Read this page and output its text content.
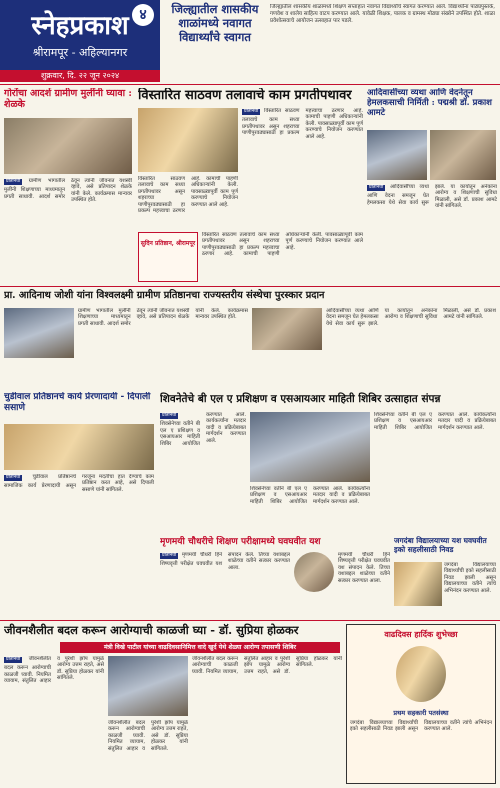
४
स्नेहप्रकाश
श्रीरामपूर - अहिल्यानगर
शुक्रवार, दि. २२ जून २०२४
जिल्ह्यातील शासकीय शाळांमध्ये नवागत विद्यार्थ्यांचे स्वागत
जिल्ह्यातील शासकीय शाळांमध्ये शिक्षण सप्ताहात नवागत विद्यार्थ्यांचे स्वागत करण्यात आले. विद्यार्थ्यांना पाठ्यपुस्तके, गणवेश व शालेय साहित्य वाटप करण्यात आले. यावेळी शिक्षक, पालक व ग्रामस्थ मोठ्या संख्येने उपस्थित होते. शाळा प्रवेशोत्सवाचे आयोजन उत्साहात पार पडले.
गोरोंचा आदर्श ग्रामीण मुलींनी घ्यावा : शेळके
प्रतिनिधी ग्रामीण भागातील मुलींनी शिक्षणाच्या माध्यमातून प्रगती साधावी. आदर्श समोर ठेवून त्यांनी जीवनात यशस्वी व्हावे, असे प्रतिपादन शेळके यांनी केले. कार्यक्रमास मान्यवर उपस्थित होते.
विस्तारित साठवण तलावाचे काम प्रगतीपथावर
प्रतिनिधी विस्तारित साठवण तलावाचे काम सध्या प्रगतीपथावर असून शहराच्या पाणीपुरवठ्यासाठी हा प्रकल्प महत्त्वाचा ठरणार आहे. कामाची पाहणी अधिकाऱ्यांनी केली. पावसाळ्यापूर्वी काम पूर्ण करण्याचे नियोजन करण्यात आले आहे.
विस्तारित साठवण तलावाचे काम सध्या प्रगतीपथावर असून शहराच्या पाणीपुरवठ्यासाठी हा प्रकल्प महत्त्वाचा ठरणार आहे. कामाची पाहणी अधिकाऱ्यांनी केली. पावसाळ्यापूर्वी काम पूर्ण करण्याचे नियोजन करण्यात आले आहे.
सुदिन प्रतिष्ठान, श्रीरामपूर
विस्तारित साठवण तलावाचे काम सध्या प्रगतीपथावर असून शहराच्या पाणीपुरवठ्यासाठी हा प्रकल्प महत्त्वाचा ठरणार आहे. कामाची पाहणी अधिकाऱ्यांनी केली. पावसाळ्यापूर्वी काम पूर्ण करण्याचे नियोजन करण्यात आले आहे.
आदिवासींच्या व्यथा आणि वेदनेतून हेमलकसाची निर्मिती : पद्मश्री डॉ. प्रकाश आमटे
प्रतिनिधी आदिवासींच्या व्यथा आणि वेदना समजून घेत हेमलकसा येथे सेवा कार्य सुरू झाले. या कार्यातून अनेकांना आरोग्य व शिक्षणाची सुविधा मिळाली, असे डॉ. प्रकाश आमटे यांनी सांगितले.
प्रा. आदिनाथ जोशी यांना विश्वलक्ष्मी ग्रामीण प्रतिष्ठानचा राज्यस्तरीय संस्थेचा पुरस्कार प्रदान
ग्रामीण भागातील मुलींनी शिक्षणाच्या माध्यमातून प्रगती साधावी. आदर्श समोर ठेवून त्यांनी जीवनात यशस्वी व्हावे, असे प्रतिपादन शेळके यांनी केले. कार्यक्रमास मान्यवर उपस्थित होते.
आदिवासींच्या व्यथा आणि वेदना समजून घेत हेमलकसा येथे सेवा कार्य सुरू झाले. या कार्यातून अनेकांना आरोग्य व शिक्षणाची सुविधा मिळाली, असे डॉ. प्रकाश आमटे यांनी सांगितले.
चुडीवाल प्रतिष्ठानचे कार्य प्रेरणादायी - दिपाली ससाणे
प्रतिनिधी चुडीवाल प्रतिष्ठानचे सामाजिक कार्य प्रेरणादायी असून गरजूंना मदतीचा हात देण्याचे काम प्रतिष्ठान करत आहे, असे दिपाली ससाणे यांनी सांगितले.
शिवनेतेचे बी एल ए प्रशिक्षण व एसआयआर माहिती शिबिर उत्साहात संपन्न
प्रतिनिधी शिवसेनेच्या वतीने बी एल ए प्रशिक्षण व एसआयआर माहिती शिबिर आयोजित करण्यात आले. कार्यकर्त्यांना मतदार यादी व प्रक्रियेबाबत मार्गदर्शन करण्यात आले.
शिवसेनेच्या वतीने बी एल ए प्रशिक्षण व एसआयआर माहिती शिबिर आयोजित करण्यात आले. कार्यकर्त्यांना मतदार यादी व प्रक्रियेबाबत मार्गदर्शन करण्यात आले.
शिवसेनेच्या वतीने बी एल ए प्रशिक्षण व एसआयआर माहिती शिबिर आयोजित करण्यात आले. कार्यकर्त्यांना मतदार यादी व प्रक्रियेबाबत मार्गदर्शन करण्यात आले.
मृणमयी चौधरीचे शिक्षण परीक्षामध्ये घवघवीत यश
प्रतिनिधी मृणमयी चौधरी हिने शिष्यवृत्ती परीक्षेत घवघवीत यश संपादन केले. तिच्या यशाबद्दल शाळेच्या वतीने सत्कार करण्यात आला.
मृणमयी चौधरी हिने शिष्यवृत्ती परीक्षेत घवघवीत यश संपादन केले. तिच्या यशाबद्दल शाळेच्या वतीने सत्कार करण्यात आला.
जगदंबा विद्यालयाच्या यश घवघवीत इको सहलीसाठी निवड
जगदंबा विद्यालयाच्या विद्यार्थ्यांची इको सहलीसाठी निवड झाली असून विद्यालयाच्या वतीने त्यांचे अभिनंदन करण्यात आले.
जीवनशैलीत बदल करून आरोग्याची काळजी घ्या - डॉ. सुप्रिया होळकर
मंत्री विखे पाटील यांच्या वाढदिवसानिमित्त वादे खुर्द येथे शेळ्या आरोग्य तपासणी शिबिर
प्रतिनिधी जीवनशैलीत बदल करून आरोग्याची काळजी घ्यावी. नियमित व्यायाम, संतुलित आहार व पुरेशी झोप यामुळे आरोग्य उत्तम राहते, असे डॉ. सुप्रिया होळकर यांनी सांगितले.
जीवनशैलीत बदल करून आरोग्याची काळजी घ्यावी. नियमित व्यायाम, संतुलित आहार व पुरेशी झोप यामुळे आरोग्य उत्तम राहते, असे डॉ. सुप्रिया होळकर यांनी सांगितले.
जीवनशैलीत बदल करून आरोग्याची काळजी घ्यावी. नियमित व्यायाम, संतुलित आहार व पुरेशी झोप यामुळे आरोग्य उत्तम राहते, असे डॉ. सुप्रिया होळकर यांनी सांगितले.
वाढदिवस हार्दिक शुभेच्छा
प्रथम सहकारी पतसंस्था
जगदंबा विद्यालयाच्या विद्यार्थ्यांची इको सहलीसाठी निवड झाली असून विद्यालयाच्या वतीने त्यांचे अभिनंदन करण्यात आले.
